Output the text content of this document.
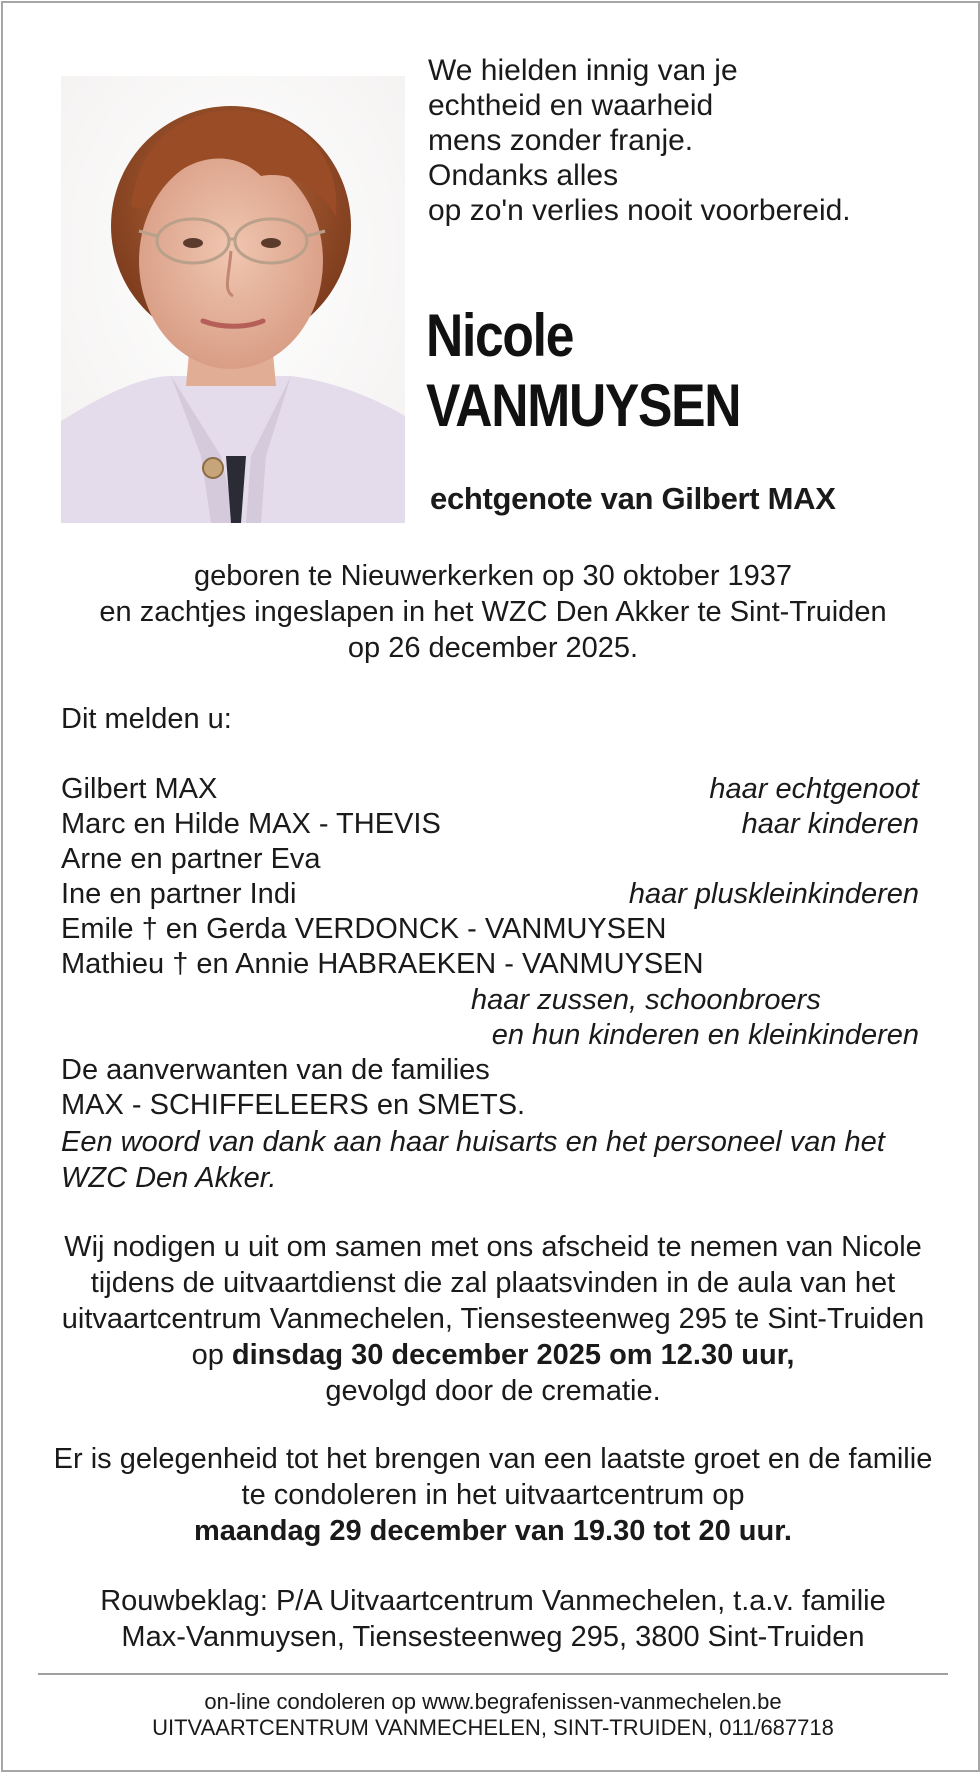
We hielden innig van je
echtheid en waarheid
mens zonder franje.
Ondanks alles
op zo'n verlies nooit voorbereid.
Nicole
VANMUYSEN
echtgenote van Gilbert MAX
geboren te Nieuwerkerken op 30 oktober 1937
en zachtjes ingeslapen in het WZC Den Akker te Sint-Truiden
op 26 december 2025.
Dit melden u:
Gilbert MAX	haar echtgenoot
Marc en Hilde MAX - THEVIS	haar kinderen
Arne en partner Eva
Ine en partner Indi	haar pluskleinkinderen
Emile † en Gerda VERDONCK - VANMUYSEN
Mathieu † en Annie HABRAEKEN - VANMUYSEN
haar zussen, schoonbroers
en hun kinderen en kleinkinderen
De aanverwanten van de families
MAX - SCHIFFELEERS en SMETS.
Een woord van dank aan haar huisarts en het personeel van het WZC Den Akker.
Wij nodigen u uit om samen met ons afscheid te nemen van Nicole tijdens de uitvaartdienst die zal plaatsvinden in de aula van het uitvaartcentrum Vanmechelen, Tiensesteenweg 295 te Sint-Truiden op dinsdag 30 december 2025 om 12.30 uur,
gevolgd door de crematie.
Er is gelegenheid tot het brengen van een laatste groet en de familie te condoleren in het uitvaartcentrum op
maandag 29 december van 19.30 tot 20 uur.
Rouwbeklag: P/A Uitvaartcentrum Vanmechelen, t.a.v. familie
Max-Vanmuysen, Tiensesteenweg 295, 3800 Sint-Truiden
on-line condoleren op www.begrafenissen-vanmechelen.be
UITVAARTCENTRUM VANMECHELEN, SINT-TRUIDEN, 011/687718
